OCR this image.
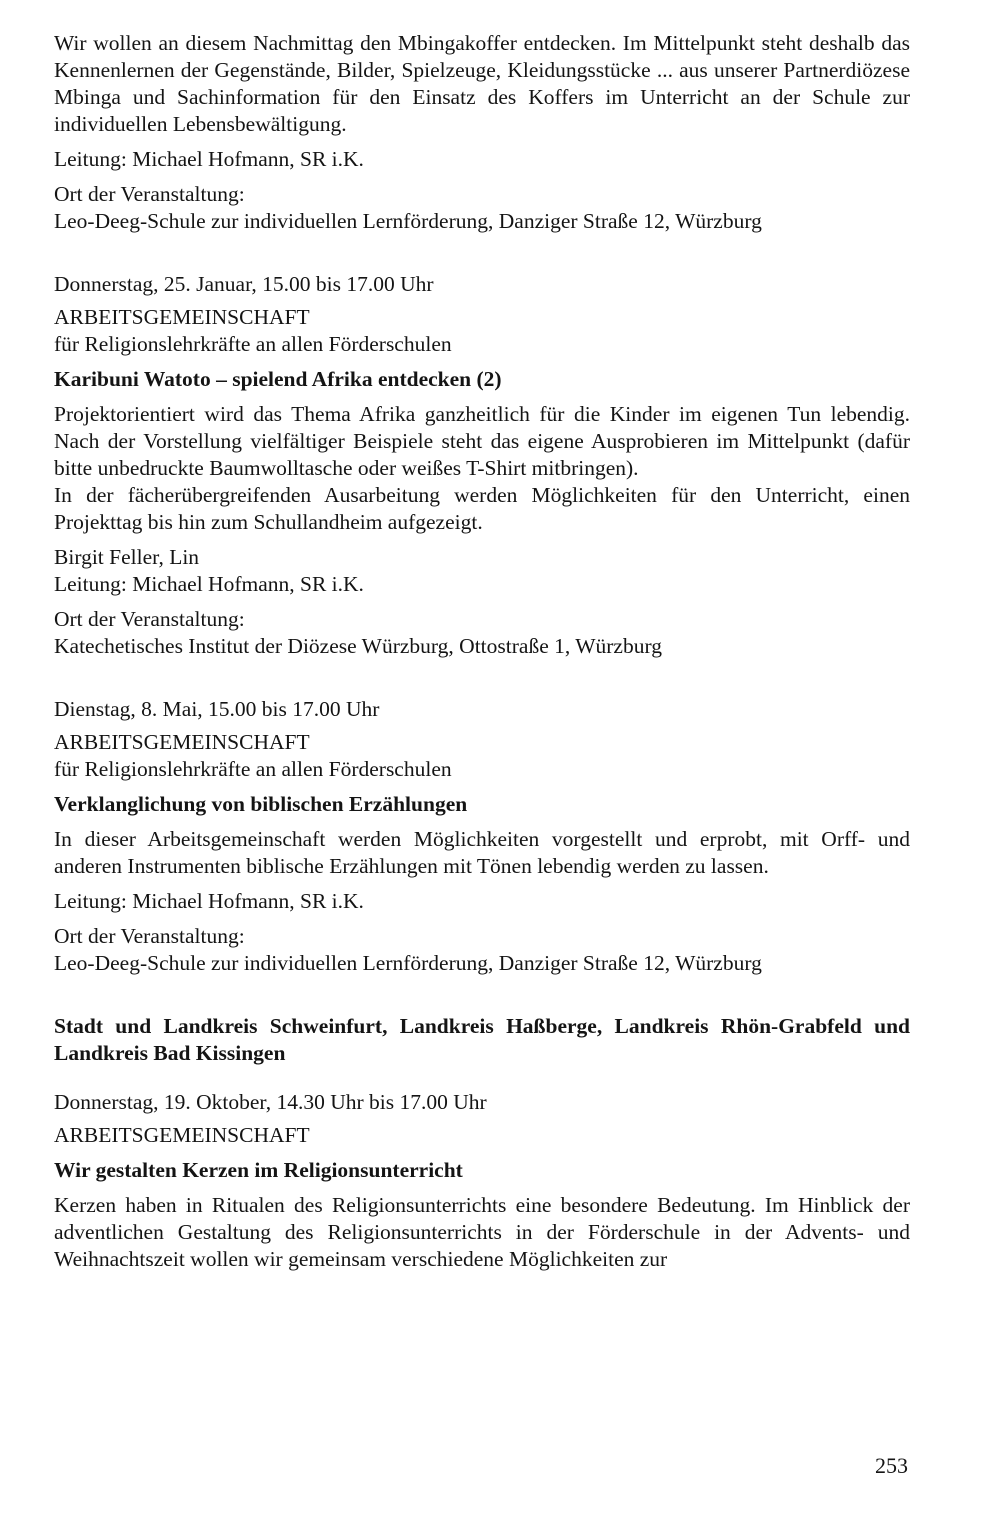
Wir wollen an diesem Nachmittag den Mbingakoffer entdecken. Im Mittelpunkt steht deshalb das Kennenlernen der Gegenstände, Bilder, Spielzeuge, Kleidungsstücke ... aus unserer Partnerdiözese Mbinga und Sachinformation für den Einsatz des Koffers im Unterricht an der Schule zur individuellen Lebensbewältigung.

Leitung: Michael Hofmann, SR i.K.

Ort der Veranstaltung:

Leo-Deeg-Schule zur individuellen Lernförderung, Danziger Straße 12, Würzburg

Donnerstag, 25. Januar, 15.00 bis 17.00 Uhr

ARBEITSGEMEINSCHAFT

für Religionslehrkräfte an allen Förderschulen

Karibuni Watoto – spielend Afrika entdecken (2)

Projektorientiert wird das Thema Afrika ganzheitlich für die Kinder im eigenen Tun lebendig. Nach der Vorstellung vielfältiger Beispiele steht das eigene Ausprobieren im Mittelpunkt (dafür bitte unbedruckte Baumwolltasche oder weißes T-Shirt mitbringen).

In der fächerübergreifenden Ausarbeitung werden Möglichkeiten für den Unterricht, einen Projekttag bis hin zum Schullandheim aufgezeigt.

Birgit Feller, Lin

Leitung: Michael Hofmann, SR i.K.

Ort der Veranstaltung:

Katechetisches Institut der Diözese Würzburg, Ottostraße 1, Würzburg

Dienstag, 8. Mai, 15.00 bis 17.00 Uhr

ARBEITSGEMEINSCHAFT

für Religionslehrkräfte an allen Förderschulen

Verklanglichung von biblischen Erzählungen

In dieser Arbeitsgemeinschaft werden Möglichkeiten vorgestellt und erprobt, mit Orff- und anderen Instrumenten biblische Erzählungen mit Tönen lebendig werden zu lassen.

Leitung: Michael Hofmann, SR i.K.

Ort der Veranstaltung:

Leo-Deeg-Schule zur individuellen Lernförderung, Danziger Straße 12, Würzburg

Stadt und Landkreis Schweinfurt, Landkreis Haßberge, Landkreis Rhön-Grabfeld und Landkreis Bad Kissingen

Donnerstag, 19. Oktober, 14.30 Uhr bis 17.00 Uhr

ARBEITSGEMEINSCHAFT

Wir gestalten Kerzen im Religionsunterricht

Kerzen haben in Ritualen des Religionsunterrichts eine besondere Bedeutung. Im Hinblick der adventlichen Gestaltung des Religionsunterrichts in der Förderschule in der Advents- und Weihnachtszeit wollen wir gemeinsam verschiedene Möglichkeiten zur

253
